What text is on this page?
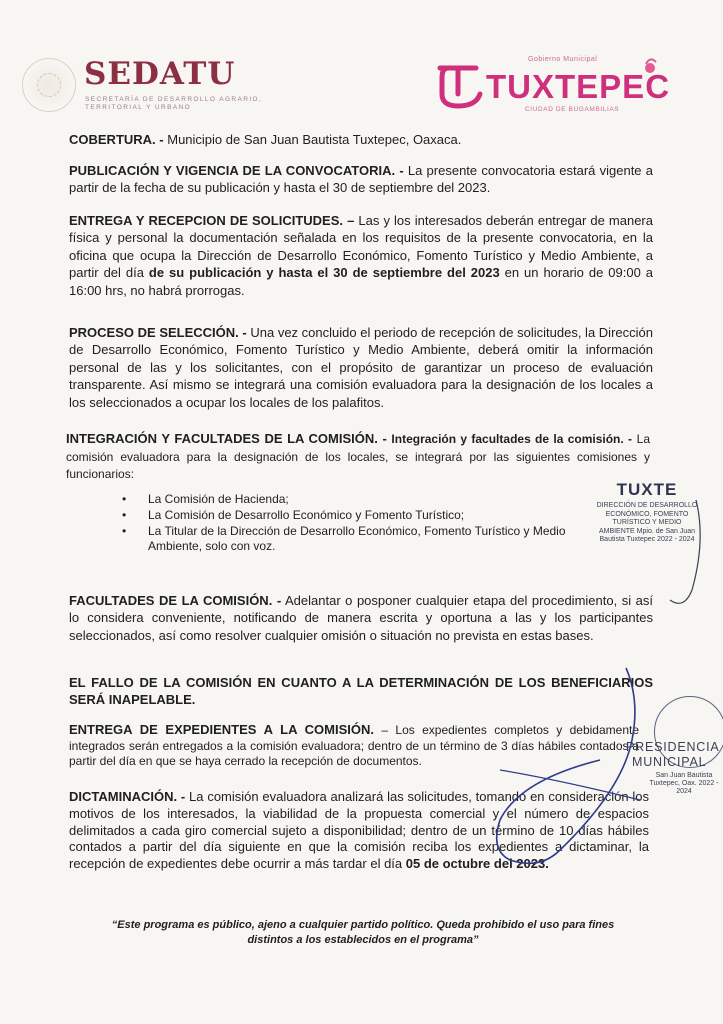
SEDATU
SECRETARÍA DE DESARROLLO AGRARIO, TERRITORIAL Y URBANO
Gobierno Municipal
TUXTEPEC
CIUDAD DE BUGAMBILIAS
COBERTURA. - Municipio de San Juan Bautista Tuxtepec, Oaxaca.
PUBLICACIÓN Y VIGENCIA DE LA CONVOCATORIA. - La presente convocatoria estará vigente a partir de la fecha de su publicación y hasta el 30 de septiembre del 2023.
ENTREGA Y RECEPCION DE SOLICITUDES. – Las y los interesados deberán entregar de manera física y personal la documentación señalada en los requisitos de la presente convocatoria, en la oficina que ocupa la Dirección de Desarrollo Económico, Fomento Turístico y Medio Ambiente, a partir del día de su publicación y hasta el 30 de septiembre del 2023 en un horario de 09:00 a 16:00 hrs, no habrá prorrogas.
PROCESO DE SELECCIÓN. - Una vez concluido el periodo de recepción de solicitudes, la Dirección de Desarrollo Económico, Fomento Turístico y Medio Ambiente, deberá omitir la información personal de las y los solicitantes, con el propósito de garantizar un proceso de evaluación transparente. Así mismo se integrará una comisión evaluadora para la designación de los locales a los seleccionados a ocupar los locales de los palafitos.
INTEGRACIÓN Y FACULTADES DE LA COMISIÓN. - Integración y facultades de la comisión. - La comisión evaluadora para la designación de los locales, se integrará por las siguientes comisiones y funcionarios:
• La Comisión de Hacienda;
• La Comisión de Desarrollo Económico y Fomento Turístico;
• La Titular de la Dirección de Desarrollo Económico, Fomento Turístico y Medio Ambiente, solo con voz.
FACULTADES DE LA COMISIÓN. - Adelantar o posponer cualquier etapa del procedimiento, si así lo considera conveniente, notificando de manera escrita y oportuna a las y los participantes seleccionados, así como resolver cualquier omisión o situación no prevista en estas bases.
EL FALLO DE LA COMISIÓN EN CUANTO A LA DETERMINACIÓN DE LOS BENEFICIARIOS SERÁ INAPELABLE.
ENTREGA DE EXPEDIENTES A LA COMISIÓN. – Los expedientes completos y debidamente integrados serán entregados a la comisión evaluadora; dentro de un término de 3 días hábiles contados a partir del día en que se haya cerrado la recepción de documentos.
DICTAMINACIÓN. - La comisión evaluadora analizará las solicitudes, tomando en consideración los motivos de los interesados, la viabilidad de la propuesta comercial y el número de espacios delimitados a cada giro comercial sujeto a disponibilidad; dentro de un término de 10 días hábiles contados a partir del día siguiente en que la comisión reciba los expedientes a dictaminar, la recepción de expedientes debe ocurrir a más tardar el día 05 de octubre del 2023.
“Este programa es público, ajeno a cualquier partido político. Queda prohibido el uso para fines distintos a los establecidos en el programa”
TUXTE
DIRECCIÓN DE DESARROLLO ECONÓMICO, FOMENTO TURÍSTICO Y MEDIO AMBIENTE Mpio. de San Juan Bautista Tuxtepec 2022 - 2024
PRESIDENCIA
MUNICIPAL
San Juan Bautista Tuxtepec, Oax. 2022 - 2024
